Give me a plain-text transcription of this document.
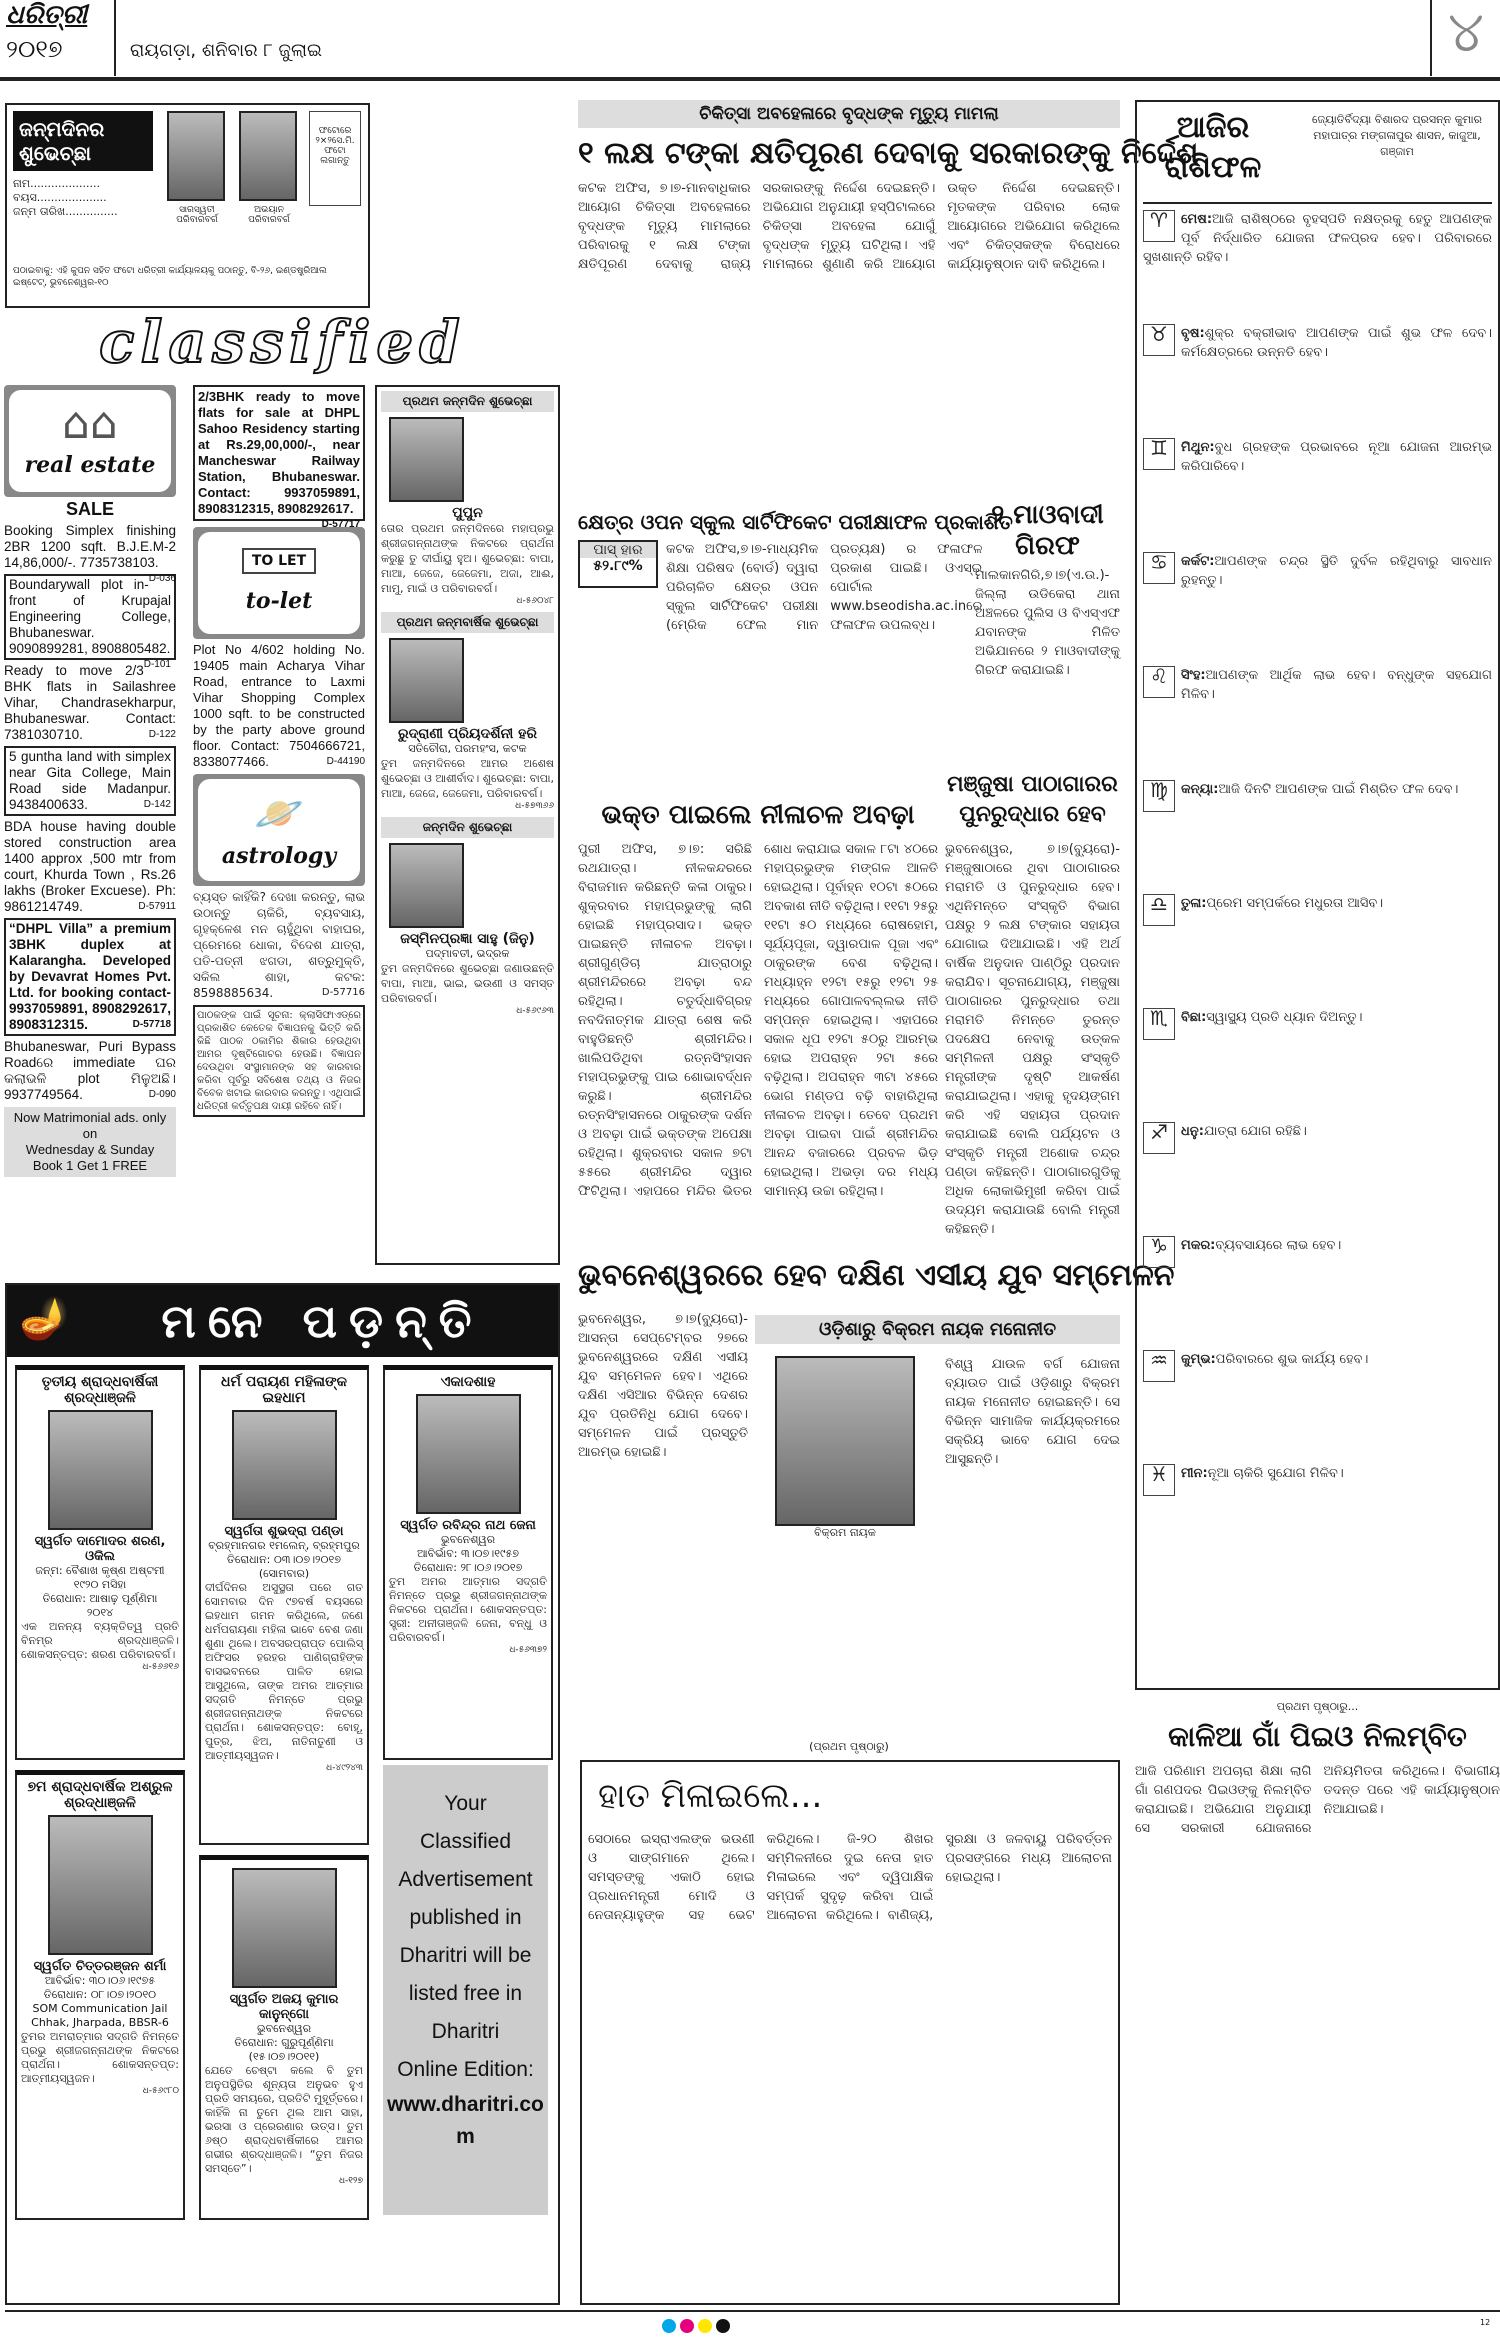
ଧରିତ୍ରୀ
୨୦୧୭	ରାୟଗଡ଼ା, ଶନିବାର ୮ ଜୁଲାଇ	୪
ଜନ୍ମଦିନର ଶୁଭେଚ୍ଛା
ନାମ....................
ବୟସ....................
ଜନ୍ମ ତାରିଖ...............	ସାରସ୍ୱତୀ ପରିବାରବର୍ଗ
ଅଭୟାନ ପରିବାରବର୍ଗ
ଫଟୋରେ ୨×୨ସେ.ମି. ଫଟୋ ଲଗାନ୍ତୁ
ପଠାଇବାକୁ: ଏହି କୁପନ ସହିତ ଫଟୋ ଧରିତ୍ରୀ କାର୍ଯ୍ୟାଳୟକୁ ପଠାନ୍ତୁ, ବି-୨୬, ଇଣ୍ଡଷ୍ଟ୍ରିଆଲ ଇଷ୍ଟେଟ୍, ଭୁବନେଶ୍ୱର-୧୦
classified
⌂⌂
real estate
SALE
Booking Simplex finishing 2BR 1200 sqft. B.J.E.M-2 14,86,000/-. 7735738103.
D-036
Boundarywall plot in-front of Krupajal Engineering College, Bhubaneswar. 9090899281, 8908805482.
D-101
Ready to move 2/3 BHK flats in Sailashree Vihar, Chandrasekharpur, Bhubaneswar. Contact: 7381030710.	D-122
5 guntha land with simplex near Gita College, Main Road side Madanpur. 9438400633.	D-142
BDA house having double stored construction area 1400 approx ,500 mtr from court, Khurda Town , Rs.26 lakhs (Broker Excuese). Ph: 9861214749.	D-57911
“DHPL Villa” a premium 3BHK duplex at Kalarangha. Developed by Devavrat Homes Pvt. Ltd. for booking contact- 9937059891, 8908292617, 8908312315.	D-57718
Bhubaneswar, Puri Bypass Roadରେ immediate ଘର କଲାଭଳି plot ମିଳୁଅଛି। 9937749564.	D-090
Now Matrimonial ads. only on
Wednesday & Sunday
Book 1 Get 1 FREE
2/3BHK ready to move flats for sale at DHPL Sahoo Residency starting at Rs.29,00,000/-, near Mancheswar Railway Station, Bhubaneswar. Contact: 9937059891, 8908312315, 8908292617.
D-57717
TO LET
to-let
Plot No 4/602 holding No. 19405 main Acharya Vihar Road, entrance to Laxmi Vihar Shopping Complex 1000 sqft. to be constructed by the party above ground floor. Contact: 7504666721, 8338077466.	D-44190
🪐
astrology
ବ୍ୟସ୍ତ କାହିଁକି? ଦେଖା କରନ୍ତୁ, ଲାଭ ଉଠାନ୍ତୁ ଚାକିରି, ବ୍ୟବସାୟ, ଗୃହକ୍ଳେଶ ମନ ଚାହୁଁଥିବା ବାହାଘର, ପ୍ରେମରେ ଧୋକା, ବିଦେଶ ଯାତ୍ରା, ପତି-ପତ୍ନୀ ଝଗଡା, ଶତ୍ରୁମୁକ୍ତି, ସକିଲ ଶାହା, କଟକ: 8598885634.	D-57716
ପାଠକଙ୍କ ପାଇଁ ସୂଚନା: କ୍ଲାସିଫାଏଡ୍‌ରେ ପ୍ରକାଶିତ କେତେକ ବିଜ୍ଞାପନକୁ ଭିତ୍ତି କରି କିଛି ପାଠକ ଠକାମିର ଶିକାର ହେଉଥିବା ଆମର ଦୃଷ୍ଟିଗୋଚର ହେଉଛି। ବିଜ୍ଞାପନ ଦେଉଥିବା ସଂସ୍ଥାମାନଙ୍କ ସହ କାରବାର କରିବା ପୂର୍ବରୁ ସବିଶେଷ ତଥ୍ୟ ଓ ନିଜର ବିବେକ ଖଟାଇ କାରବାର କରନ୍ତୁ। ଏଥିପାଇଁ ଧରିତ୍ରୀ କର୍ତ୍ତୃପକ୍ଷ ଦାୟୀ ରହିବେ ନାହିଁ।
ପ୍ରଥମ ଜନ୍ମଦିନ ଶୁଭେଚ୍ଛା
ପୁପୁନ
ତୋର ପ୍ରଥମ ଜନ୍ମଦିନରେ ମହାପ୍ରଭୁ ଶ୍ରୀଜଗନ୍ନାଥଙ୍କ ନିକଟରେ ପ୍ରାର୍ଥନା କରୁଛୁ ତୁ ଦୀର୍ଘାୟୁ ହୁଅ। ଶୁଭେଚ୍ଛା: ବାପା, ମାଆ, ଜେଜେ, ଜେଜେମା, ଅଜା, ଆଈ, ମାମୁ, ମାଇଁ ଓ ପରିବାରବର୍ଗ।
ଧ-୫୬୦୪୮
ପ୍ରଥମ ଜନ୍ମବାର୍ଷିକ ଶୁଭେଚ୍ଛା
ରୁଦ୍ରାଣୀ ପ୍ରିୟଦର୍ଶିନୀ ହରି
ସତିଚୌରା, ପରମହଂସ, କଟକ
ତୁମ ଜନ୍ମଦିନରେ ଆମର ଅଶେଷ ଶୁଭେଚ୍ଛା ଓ ଆଶୀର୍ବାଦ। ଶୁଭେଚ୍ଛା: ବାପା, ମାଆ, ଜେଜେ, ଜେଜେମା, ପରିବାରବର୍ଗ।
ଧ-୫୭୩୬୬
ଜନ୍ମଦିନ ଶୁଭେଚ୍ଛା
ଜସ୍ମିନପ୍ରଜ୍ଞା ସାହୁ (ଜିନୁ)
ପଦ୍ମାବତୀ, ଭଦ୍ରକ
ତୁମ ଜନ୍ମଦିନରେ ଶୁଭେଚ୍ଛା ଜଣାଉଛନ୍ତି ବାପା, ମାଆ, ଭାଇ, ଭଉଣୀ ଓ ସମସ୍ତ ପରିବାରବର୍ଗ।
ଧ-୫୬୯୬୩
ଚିକିତ୍ସା ଅବହେଳାରେ ବୃଦ୍ଧଙ୍କ ମୃତ୍ୟୁ ମାମଲା
୧ ଲକ୍ଷ ଟଙ୍କା କ୍ଷତିପୂରଣ ଦେବାକୁ ସରକାରଙ୍କୁ ନିର୍ଦ୍ଦେଶ
କଟକ ଅଫିସ, ୭।୭-ମାନବାଧିକାର ଆୟୋଗ ଚିକିତ୍ସା ଅବହେଳାରେ ବୃଦ୍ଧଙ୍କ ମୃତ୍ୟୁ ମାମଲାରେ ପରିବାରକୁ ୧ ଲକ୍ଷ ଟଙ୍କା କ୍ଷତିପୂରଣ ଦେବାକୁ ରାଜ୍ୟ ସରକାରଙ୍କୁ ନିର୍ଦ୍ଦେଶ ଦେଇଛନ୍ତି। ଅଭିଯୋଗ ଅନୁଯାୟୀ ହସ୍ପିଟାଲରେ ଚିକିତ୍ସା ଅବହେଳା ଯୋଗୁଁ ବୃଦ୍ଧଙ୍କ ମୃତ୍ୟୁ ଘଟିଥିଲା। ଏହି ମାମଲାରେ ଶୁଣାଣି କରି ଆୟୋଗ ଉକ୍ତ ନିର୍ଦ୍ଦେଶ ଦେଇଛନ୍ତି। ମୃତକଙ୍କ ପରିବାର ଲୋକ ଆୟୋଗରେ ଅଭିଯୋଗ କରିଥିଲେ ଏବଂ ଚିକିତ୍ସକଙ୍କ ବିରୋଧରେ କାର୍ଯ୍ୟାନୁଷ୍ଠାନ ଦାବି କରିଥିଲେ।
କ୍ଷେତ୍ର ଓପନ ସ୍କୁଲ ସାର୍ଟିଫିକେଟ ପରୀକ୍ଷାଫଳ ପ୍ରକାଶିତ
ପାସ୍ ହାର
୫୨.୮୯%
କଟକ ଅଫିସ,୭।୭-ମାଧ୍ୟମିକ ଶିକ୍ଷା ପରିଷଦ (ବୋର୍ଡ) ଦ୍ୱାରା ପରିଚାଳିତ କ୍ଷେତ୍ର ଓପନ ସ୍କୁଲ ସାର୍ଟିଫିକେଟ ପରୀକ୍ଷା (ମେ୍ରିକ ଫେଲ ମାନ ପ୍ରତ୍ୟକ୍ଷ) ର ଫଳାଫଳ ପ୍ରକାଶ ପାଇଛି। ଓଏସ୍ଇ ପୋର୍ଟାଲ www.bseodisha.ac.inରେ ଫଳାଫଳ ଉପଲବ୍ଧ।
୨ ମାଓବାଦୀ ଗିରଫ
ମାଲକାନଗିରି,୭।୭(ଏ.ଉ.)- ଜିଲ୍ଲା ଉଡିକେରା ଥାନା ଅଞ୍ଚଳରେ ପୁଲିସ ଓ ବିଏସ୍ଏଫ ଯବାନଙ୍କ ମିଳିତ ଅଭିଯାନରେ ୨ ମାଓବାଦୀଙ୍କୁ ଗିରଫ କରାଯାଇଛି।
ଭକ୍ତ ପାଇଲେ ନୀଳାଚଳ ଅବଢ଼ା
ମଞ୍ଜୁଷା ପାଠାଗାରର ପୁନରୁଦ୍ଧାର ହେବ
ପୁରୀ ଅଫିସ, ୭।୭: ସରିଛି ରଥଯାତ୍ରା। ନୀଳକନ୍ଦରରେ ବିରାଜମାନ କରିଛନ୍ତି କଳା ଠାକୁର। ଶୁକ୍ରବାର ମହାପ୍ରଭୁଙ୍କୁ ଲାଗି ହୋଇଛି ମହାପ୍ରସାଦ। ଭକ୍ତ ପାଇଛନ୍ତି ନୀଳାଚଳ ଅବଢ଼ା। ଶ୍ରୀଗୁଣ୍ଡିଚା ଯାତ୍ରାଠାରୁ ଶ୍ରୀମନ୍ଦିରରେ ଅବଢ଼ା ବନ୍ଦ ରହିଥିଲା। ଚତୁର୍ଦ୍ଧାବିଗ୍ରହ ନବଦିନାତ୍ମକ ଯାତ୍ରା ଶେଷ କରି ବାହୁଡିଛନ୍ତି ଶ୍ରୀମନ୍ଦିର। ଖାଲିପଡିଥିବା ରତ୍ନସିଂହାସନ ମହାପ୍ରଭୁଙ୍କୁ ପାଇ ଶୋଭାବର୍ଦ୍ଧନ କରୁଛି। ଶ୍ରୀମନ୍ଦିର ରତ୍ନସିଂହାସନରେ ଠାକୁରଙ୍କ ଦର୍ଶନ ଓ ଅବଢ଼ା ପାଇଁ ଭକ୍ତଙ୍କ ଅପେକ୍ଷା ରହିଥିଲା। ଶୁକ୍ରବାର ସକାଳ ୭ଟା ୫୫ରେ ଶ୍ରୀମନ୍ଦିର ଦ୍ୱାର ଫିଟିଥିଲା। ଏହାପରେ ମନ୍ଦିର ଭିତର ଶୋଧ କରାଯାଇ ସକାଳ ୮ଟା ୪୦ରେ ମହାପ୍ରଭୁଙ୍କ ମଙ୍ଗଳ ଆଳତି ହୋଇଥିଲା। ପୂର୍ବାହ୍ନ ୧୦ଟା ୫୦ରେ ଅବକାଶ ନୀତି ବଢ଼ିଥିଲା। ୧୧ଟା ୨୫ରୁ ୧୧ଟା ୫୦ ମଧ୍ୟରେ ରୋଷହୋମ, ସୂର୍ଯ୍ୟପୂଜା, ଦ୍ୱାରପାଳ ପୂଜା ଏବଂ ଠାକୁରଙ୍କ ବେଶ ବଢ଼ିଥିଲା। ମଧ୍ୟାହ୍ନ ୧୨ଟା ୧୫ରୁ ୧୨ଟା ୨୫ ମଧ୍ୟରେ ଗୋପାଳବଲ୍ଲଭ ନୀତି ସମ୍ପନ୍ନ ହୋଇଥିଲା। ଏହାପରେ ସକାଳ ଧୂପ ୧୨ଟା ୫୦ରୁ ଆରମ୍ଭ ହୋଇ ଅପରାହ୍ନ ୨ଟା ୫ରେ ବଢ଼ିଥିଲା। ଅପରାହ୍ନ ୩ଟା ୪୫ରେ ଭୋଗ ମଣ୍ଡପ ବଢ଼ି ବାହାରିଥିଲା ନୀଳାଚଳ ଅବଢ଼ା। ତେବେ ପ୍ରଥମ ଅବଢ଼ା ପାଇବା ପାଇଁ ଶ୍ରୀମନ୍ଦିର ଆନନ୍ଦ ବଜାରରେ ପ୍ରବଳ ଭିଡ଼ ହୋଇଥିଲା। ଅଭଡ଼ା ଦର ମଧ୍ୟ ସାମାନ୍ୟ ଉଚ୍ଚା ରହିଥିଲା।
ଭୁବନେଶ୍ୱର, ୭।୭(ବ୍ୟୁରୋ)- ମଞ୍ଜୁଷାଠାରେ ଥିବା ପାଠାଗାରର ମରାମତି ଓ ପୁନରୁଦ୍ଧାର ହେବ। ଏଥିନିମନ୍ତେ ସଂସ୍କୃତି ବିଭାଗ ପକ୍ଷରୁ ୨ ଲକ୍ଷ ଟଙ୍କାର ସହାୟତା ଯୋଗାଇ ଦିଆଯାଇଛି। ଏହି ଅର୍ଥ ବାର୍ଷିକ ଅନୁଦାନ ପାଣ୍ଠିରୁ ପ୍ରଦାନ କରାଯିବ। ସୂଚନାଯୋଗ୍ୟ, ମଞ୍ଜୁଷା ପାଠାଗାରର ପୁନରୁଦ୍ଧାର ତଥା ମରାମତି ନିମନ୍ତେ ତୁରନ୍ତ ପଦକ୍ଷେପ ନେବାକୁ ଉତ୍କଳ ସମ୍ମିଳନୀ ପକ୍ଷରୁ ସଂସ୍କୃତି ମନ୍ତ୍ରୀଙ୍କ ଦୃଷ୍ଟି ଆକର୍ଷଣ କରାଯାଇଥିଲା। ଏହାକୁ ହୃଦୟଙ୍ଗମ କରି ଏହି ସହାୟତା ପ୍ରଦାନ କରାଯାଇଛି ବୋଲି ପର୍ଯ୍ୟଟନ ଓ ସଂସ୍କୃତି ମନ୍ତ୍ରୀ ଅଶୋକ ଚନ୍ଦ୍ର ପଣ୍ଡା କହିଛନ୍ତି। ପାଠାଗାରଗୁଡିକୁ ଅଧିକ ଲୋକାଭିମୁଖୀ କରିବା ପାଇଁ ଉଦ୍ୟମ କରାଯାଉଛି ବୋଲି ମନ୍ତ୍ରୀ କହିଛନ୍ତି।
ଭୁବନେଶ୍ୱରରେ ହେବ ଦକ୍ଷିଣ ଏସୀୟ ଯୁବ ସମ୍ମେଳନ
ଭୁବନେଶ୍ୱର, ୭।୭(ବ୍ୟୁରୋ)- ଆସନ୍ତା ସେପ୍ଟେମ୍ବର ୨୭ରେ ଭୁବନେଶ୍ୱରରେ ଦକ୍ଷିଣ ଏସୀୟ ଯୁବ ସମ୍ମେଳନ ହେବ। ଏଥିରେ ଦକ୍ଷିଣ ଏସିଆର ବିଭିନ୍ନ ଦେଶର ଯୁବ ପ୍ରତିନିଧି ଯୋଗ ଦେବେ। ସମ୍ମେଳନ ପାଇଁ ପ୍ରସ୍ତୁତି ଆରମ୍ଭ ହୋଇଛି।
ଓଡ଼ିଶାରୁ ବିକ୍ରମ ନାୟକ ମନୋନୀତ
ବିକ୍ରମ ନାୟକ
ବିଶ୍ୱ ଯାଉଳ ବର୍ଗ ଯୋଜନା ବ୍ୟାଉତ ପାଇଁ ଓଡ଼ିଶାରୁ ବିକ୍ରମ ନାୟକ ମନୋନୀତ ହୋଇଛନ୍ତି। ସେ ବିଭିନ୍ନ ସାମାଜିକ କାର୍ଯ୍ୟକ୍ରମରେ ସକ୍ରିୟ ଭାବେ ଯୋଗ ଦେଇ ଆସୁଛନ୍ତି।
(ପ୍ରଥମ ପୃଷ୍ଠାରୁ)
ହାତ ମିଳାଇଲେ...
ସେଠାରେ ଇସ୍ରାଏଲଙ୍କ ଭଉଣୀ ଓ ସାଙ୍ଗମାନେ ଥିଲେ। ସମସ୍ତଙ୍କୁ ଏକାଠି ହୋଇ ପ୍ରଧାନମନ୍ତ୍ରୀ ମୋଦି ଓ ନେତାନ୍ୟାହୁଙ୍କ ସହ ଭେଟ କରିଥିଲେ। ଜି-୨୦ ଶିଖର ସମ୍ମିଳନୀରେ ଦୁଇ ନେତା ହାତ ମିଳାଇଲେ ଏବଂ ଦ୍ୱିପାକ୍ଷିକ ସମ୍ପର୍କ ସୁଦୃଢ଼ କରିବା ପାଇଁ ଆଲୋଚନା କରିଥିଲେ। ବାଣିଜ୍ୟ, ସୁରକ୍ଷା ଓ ଜଳବାୟୁ ପରିବର୍ତ୍ତନ ପ୍ରସଙ୍ଗରେ ମଧ୍ୟ ଆଲୋଚନା ହୋଇଥିଲା।
ଆଜିର ରାଶିଫଳ
ଜ୍ୟୋତିର୍ବିଦ୍ୟା ବିଶାରଦ ପ୍ରସନ୍ନ କୁମାର ମହାପାତ୍ର ମଙ୍ଗଳାପୁର ଶାସନ, କାଜୁଆ, ଗଞ୍ଜାମ
♈	ମେଷ:ଆଜି ରାଶିଷ୍ଠରେ ବୃହସ୍ପତି ନକ୍ଷତ୍ରକୁ ହେତୁ ଆପଣଙ୍କ ପୂର୍ବ ନିର୍ଦ୍ଧାରିତ ଯୋଜନା ଫଳପ୍ରଦ ହେବ। ପରିବାରରେ ସୁଖଶାନ୍ତି ରହିବ।
♉	ବୃଷ:ଶୁକ୍ର ବକ୍ରୀଭାବ ଆପଣଙ୍କ ପାଇଁ ଶୁଭ ଫଳ ଦେବ। କର୍ମକ୍ଷେତ୍ରରେ ଉନ୍ନତି ହେବ।
♊	ମିଥୁନ:ବୁଧ ଗ୍ରହଙ୍କ ପ୍ରଭାବରେ ନୂଆ ଯୋଜନା ଆରମ୍ଭ କରିପାରିବେ।
♋	କର୍କଟ:ଆପଣଙ୍କ ଚନ୍ଦ୍ର ସ୍ଥିତି ଦୁର୍ବଳ ରହିଥିବାରୁ ସାବଧାନ ରୁହନ୍ତୁ।
♌	ସିଂହ:ଆପଣଙ୍କ ଆର୍ଥିକ ଲାଭ ହେବ। ବନ୍ଧୁଙ୍କ ସହଯୋଗ ମିଳିବ।
♍	କନ୍ୟା:ଆଜି ଦିନଟି ଆପଣଙ୍କ ପାଇଁ ମିଶ୍ରିତ ଫଳ ଦେବ।
♎	ତୁଳା:ପ୍ରେମ ସମ୍ପର୍କରେ ମଧୁରତା ଆସିବ।
♏	ବିଛା:ସ୍ୱାସ୍ଥ୍ୟ ପ୍ରତି ଧ୍ୟାନ ଦିଅନ୍ତୁ।
♐	ଧନୁ:ଯାତ୍ରା ଯୋଗ ରହିଛି।
♑	ମକର:ବ୍ୟବସାୟରେ ଲାଭ ହେବ।
♒	କୁମ୍ଭ:ପରିବାରରେ ଶୁଭ କାର୍ଯ୍ୟ ହେବ।
♓	ମୀନ:ନୂଆ ଚାକିରି ସୁଯୋଗ ମିଳିବ।
ପ୍ରଥମ ପୃଷ୍ଠାରୁ...
କାଳିଆ ଗାଁ ପିଇଓ ନିଲମ୍ବିତ
ଆଜି ପରିଣାମ ଅପଚାରା ଶିକ୍ଷା ଲାଗି ଗାଁ ଗଣପଦର ପିଇଓଙ୍କୁ ନିଲମ୍ବିତ କରାଯାଇଛି। ଅଭିଯୋଗ ଅନୁଯାୟୀ ସେ ସରକାରୀ ଯୋଜନାରେ ଅନିୟମିତତା କରିଥିଲେ। ବିଭାଗୀୟ ତଦନ୍ତ ପରେ ଏହି କାର୍ଯ୍ୟାନୁଷ୍ଠାନ ନିଆଯାଇଛି।
🪔	ମନେ ପଡ଼ନ୍ତି
ତୃତୀୟ ଶ୍ରାଦ୍ଧବାର୍ଷିକୀ ଶ୍ରଦ୍ଧାଞ୍ଜଳି
ସ୍ୱର୍ଗତ ଦାମୋଦର ଶରଣ, ଓକିଲ
ଜନ୍ମ: ବୈଶାଖ କୃଷ୍ଣ ଅଷ୍ଟମୀ
୧୯୨୦ ମସିହା
ତିରୋଧାନ: ଆଷାଢ଼ ପୂର୍ଣ୍ଣିମା
୨୦୧୪
ଏକ ଅନନ୍ୟ ବ୍ୟକ୍ତିତ୍ୱ ପ୍ରତି ବିନମ୍ର ଶ୍ରଦ୍ଧାଞ୍ଜଳି। ଶୋକସନ୍ତପ୍ତ: ଶରଣ ପରିବାରବର୍ଗ।
ଧ-୫୬୬୧୬
ଧର୍ମ ପରାୟଣ ମହିଳାଙ୍କ ଇହଧାମ
ସ୍ୱର୍ଗତା ଶୁଭଦ୍ରା ପଣ୍ଡା
ବ୍ରହ୍ମାନଗର ୧ମଲେନ୍, ବ୍ରହ୍ମପୁର
ତିରୋଧାନ: ୦୩।୦୭।୨୦୧୭
(ସୋମବାର)
ଦୀର୍ଘଦିନର ଅସୁସ୍ଥତା ପରେ ଗତ ସୋମବାର ଦିନ ୯୭ବର୍ଷ ବୟସରେ ଇହଧାମ ଗମନ କରିଥିଲେ, ଜଣେ ଧର୍ମପରାୟଣା ମହିଳା ଭାବେ ବେଶ ଜଣା ଶୁଣା ଥିଲେ। ଅବସରପ୍ରାପ୍ତ ପୋଲିସ୍ ଅଫିସର ହରହର ପାଣିଗ୍ରାହିଙ୍କ ବାସଭବନରେ ପାଳିତ ହୋଇ ଆସୁଥିଲେ, ତାଙ୍କ ଅମର ଆତ୍ମାର ସଦ୍‌ଗତି ନିମନ୍ତେ ପ୍ରଭୁ ଶ୍ରୀଜଗନ୍ନାଥଙ୍କ ନିକଟରେ ପ୍ରାର୍ଥନା। ଶୋକସନ୍ତପ୍ତ: ବୋହୂ, ପୁତ୍ର, ଝିଅ, ନାତିନାତୁଣୀ ଓ ଆତ୍ମୀୟସ୍ୱଜନ।
ଧ-୪୯୨୪୩
ଏକାଦଶାହ
ସ୍ୱର୍ଗତ ରବିନ୍ଦ୍ର ନାଥ ଜେନା
ଭୁବନେଶ୍ୱର
ଆବିର୍ଭାବ: ୩।୦୭।୧୯୫୭
ତିରୋଧାନ: ୨୮।୦୬।୨୦୧୭
ତୁମ ଅମର ଆତ୍ମାର ସଦ୍‌ଗତି ନିମନ୍ତେ ପ୍ରଭୁ ଶ୍ରୀଜଗନ୍ନାଥଙ୍କ ନିକଟରେ ପ୍ରାର୍ଥନା। ଶୋକସନ୍ତପ୍ତ: ସ୍ତ୍ରୀ: ଅନୀତାଞ୍ଜଳି ଜେନା, ବନ୍ଧୁ ଓ ପରିବାରବର୍ଗ।
ଧ-୫୬୩୭୨
୭ମ ଶ୍ରାଦ୍ଧବାର୍ଷିକ ଅଶ୍ରୁଳ ଶ୍ରଦ୍ଧାଞ୍ଜଳି
ସ୍ୱର୍ଗତ ଚିତ୍ତରଞ୍ଜନ ଶର୍ମା
ଆବିର୍ଭାବ: ୩୦।୦୬।୧୯୭୫
ତିରୋଧାନ: ୦୮।୦୭।୨୦୧୦
SOM Communication Jail Chhak, Jharpada, BBSR-6
ତୁମର ଅମରାତ୍ମାର ସଦ୍‌ଗତି ନିମନ୍ତେ ପ୍ରଭୁ ଶ୍ରୀଜଗନ୍ନାଥଙ୍କ ନିକଟରେ ପ୍ରାର୍ଥନା। ଶୋକସନ୍ତପ୍ତ: ଆତ୍ମୀୟସ୍ୱଜନ।
ଧ-୫୬୯୮୦
ସ୍ୱର୍ଗତ ଅଜୟ କୁମାର କାନୁନ୍‌ଗୋ
ଭୁବନେଶ୍ୱର
ତିରୋଧାନ: ଗୁରୁପୂର୍ଣ୍ଣିମା
(୧୫।୦୭।୨୦୧୧)
ଯେତେ ଚେଷ୍ଟା କଲେ ବି ତୁମ ଅନୁପସ୍ଥିତିର ଶୂନ୍ୟତା ଅନୁଭବ ହୁଏ ପ୍ରତି ସମୟରେ, ପ୍ରତିଟି ମୁହୂର୍ତ୍ତରେ। କାହିଁକି ନା ତୁମେ ଥିଲ ଆମ ସାହା, ଭରସା ଓ ପ୍ରେରଣାର ଉତ୍ସ। ତୁମ ୬ଷ୍ଠ ଶ୍ରାଦ୍ଧବାର୍ଷିକୀରେ ଆମର ଗଭୀର ଶ୍ରଦ୍ଧାଞ୍ଜଳି। “ତୁମ ନିଜର ସମସ୍ତେ”।
ଧ-୧୨୭
Your
Classified
Advertisement
published in
Dharitri will be
listed free in
Dharitri
Online Edition:
www.dharitri.com
12
